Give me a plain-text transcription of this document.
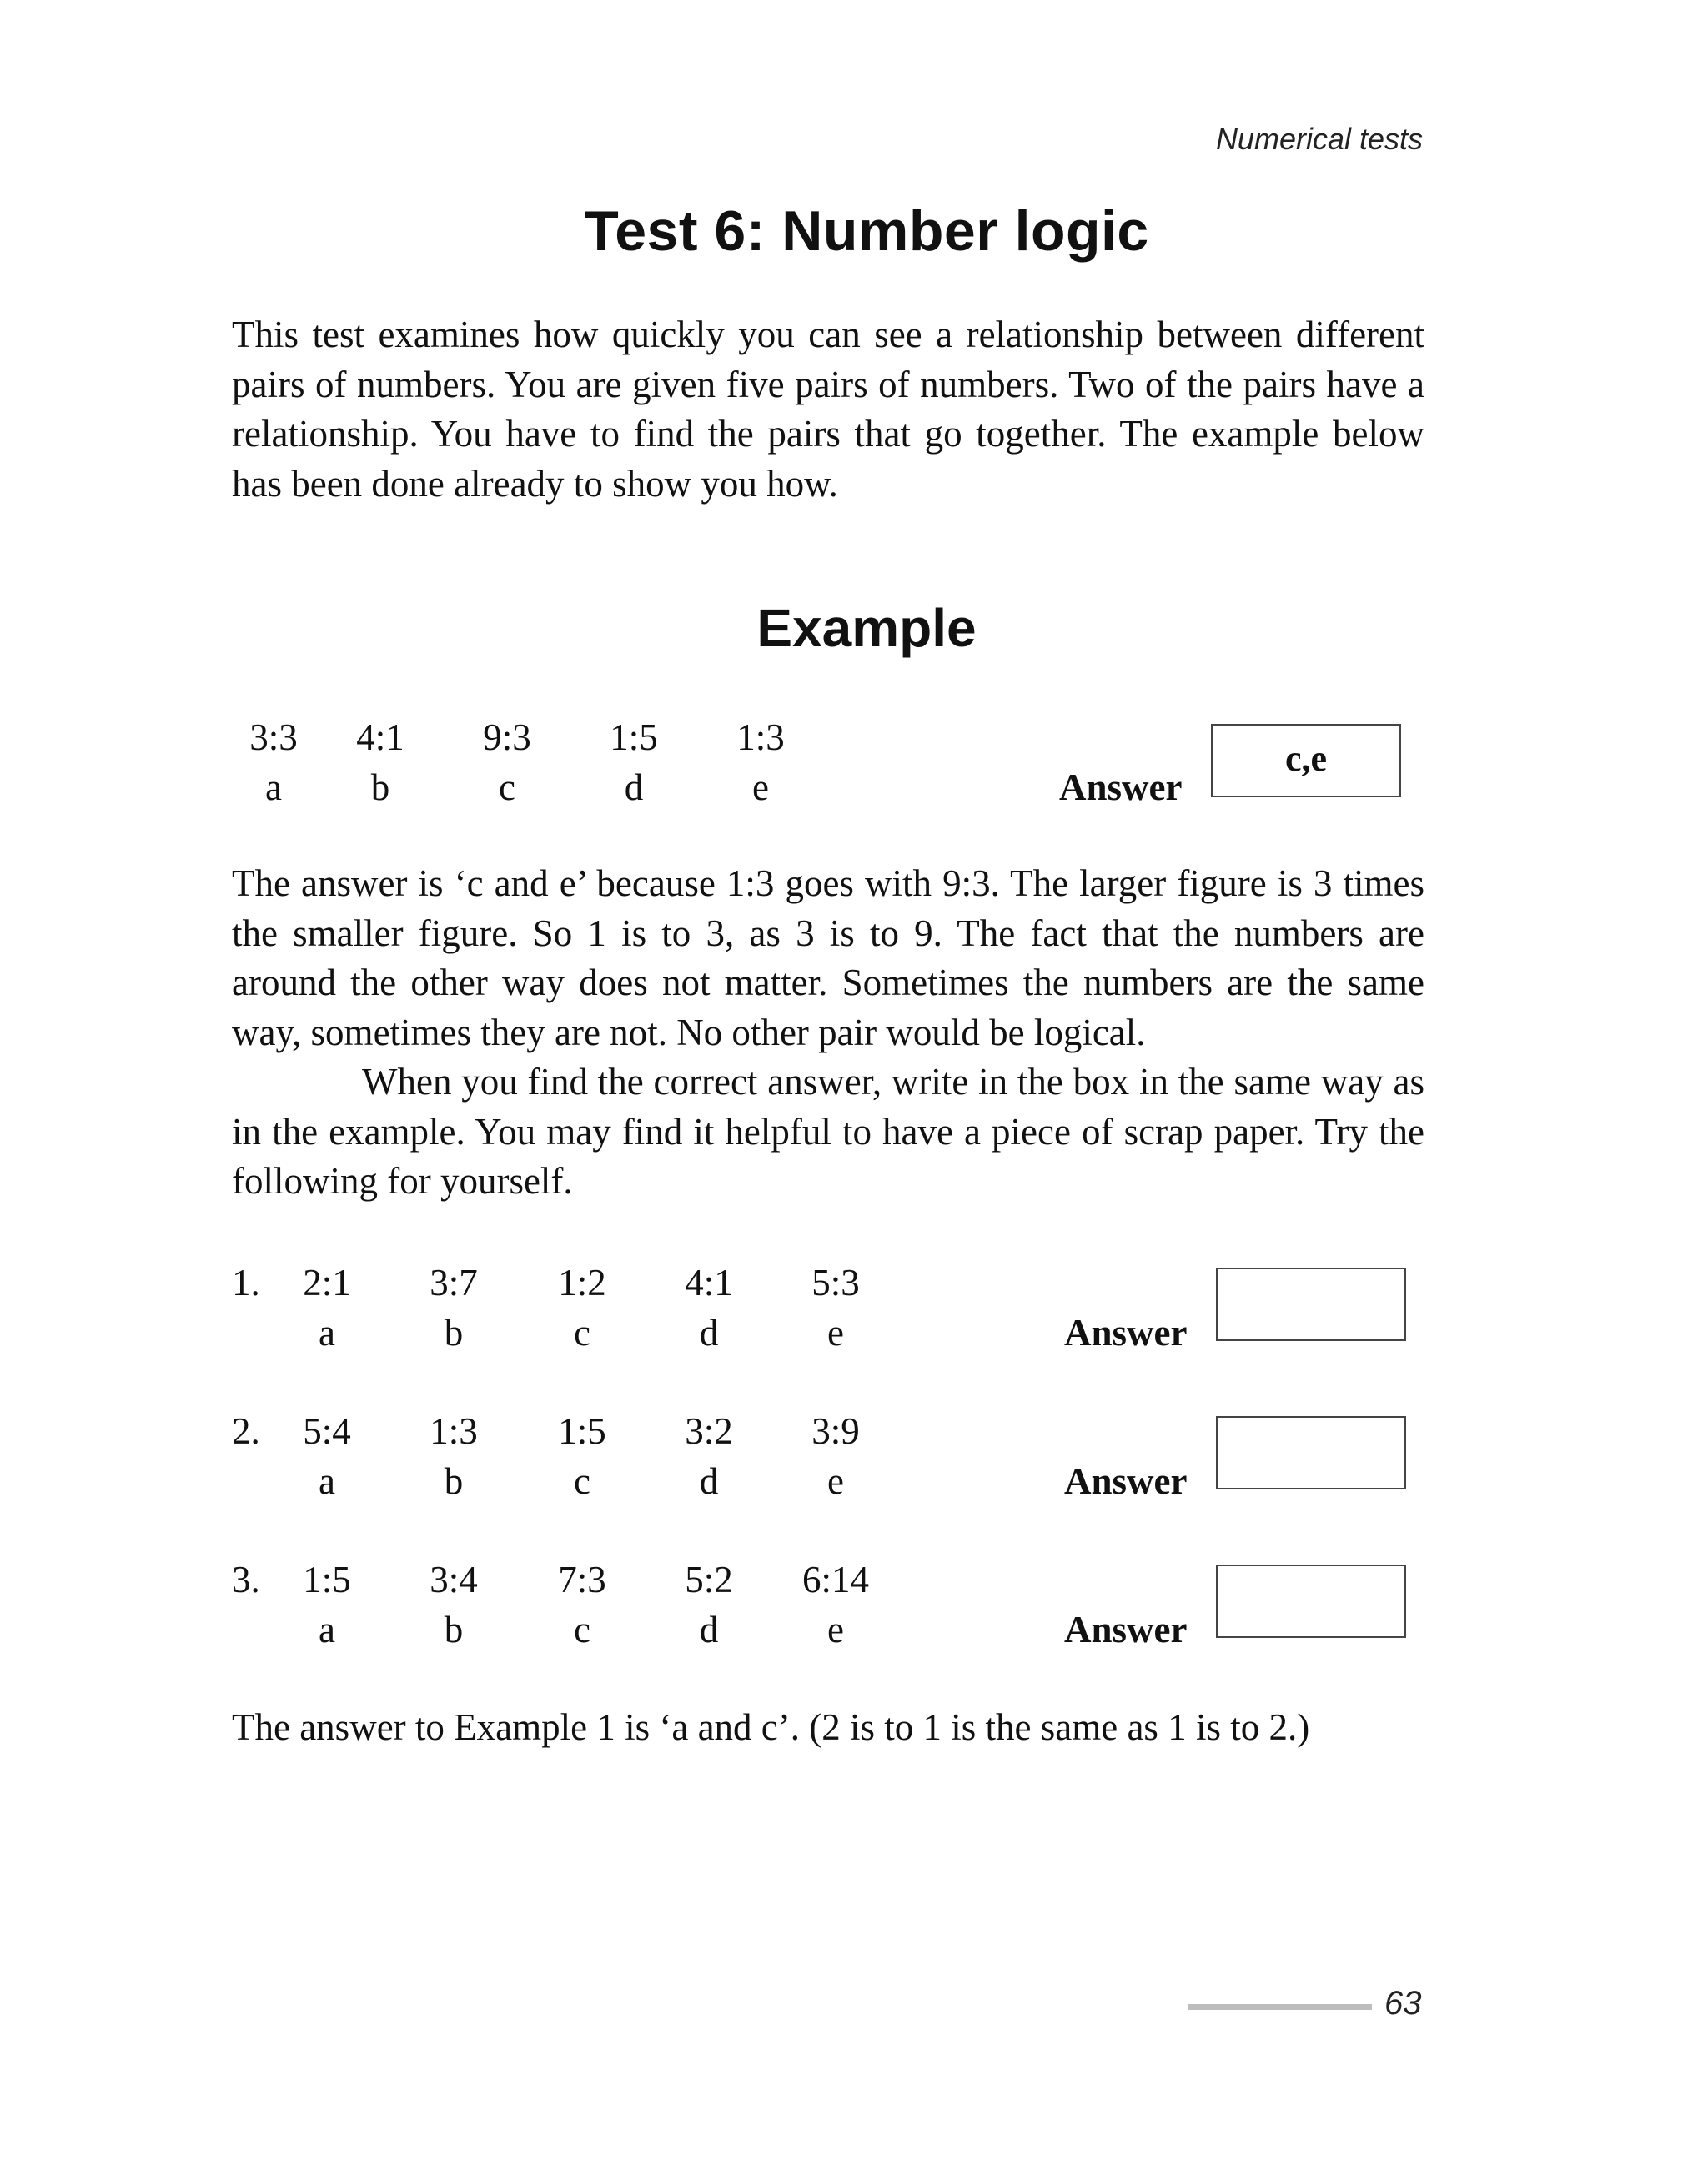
Numerical tests
Test 6: Number logic
This test examines how quickly you can see a relationship between different pairs of numbers. You are given five pairs of numbers. Two of the pairs have a relationship. You have to find the pairs that go together. The example below has been done already to show you how.
Example
3:3	4:1	9:3	1:5	1:3
a	b	c	d	e	Answer
c,e
The answer is ‘c and e’ because 1:3 goes with 9:3. The larger figure is 3 times the smaller figure. So 1 is to 3, as 3 is to 9. The fact that the numbers are around the other way does not matter. Sometimes the numbers are the same way, sometimes they are not. No other pair would be logical.
When you find the correct answer, write in the box in the same way as in the example. You may find it helpful to have a piece of scrap paper. Try the following for yourself.
1.	2:1	3:7	1:2	4:1	5:3
a	b	c	d	e	Answer
2.	5:4	1:3	1:5	3:2	3:9
a	b	c	d	e	Answer
3.	1:5	3:4	7:3	5:2	6:14
a	b	c	d	e	Answer
The answer to Example 1 is ‘a and c’. (2 is to 1 is the same as 1 is to 2.)
63
